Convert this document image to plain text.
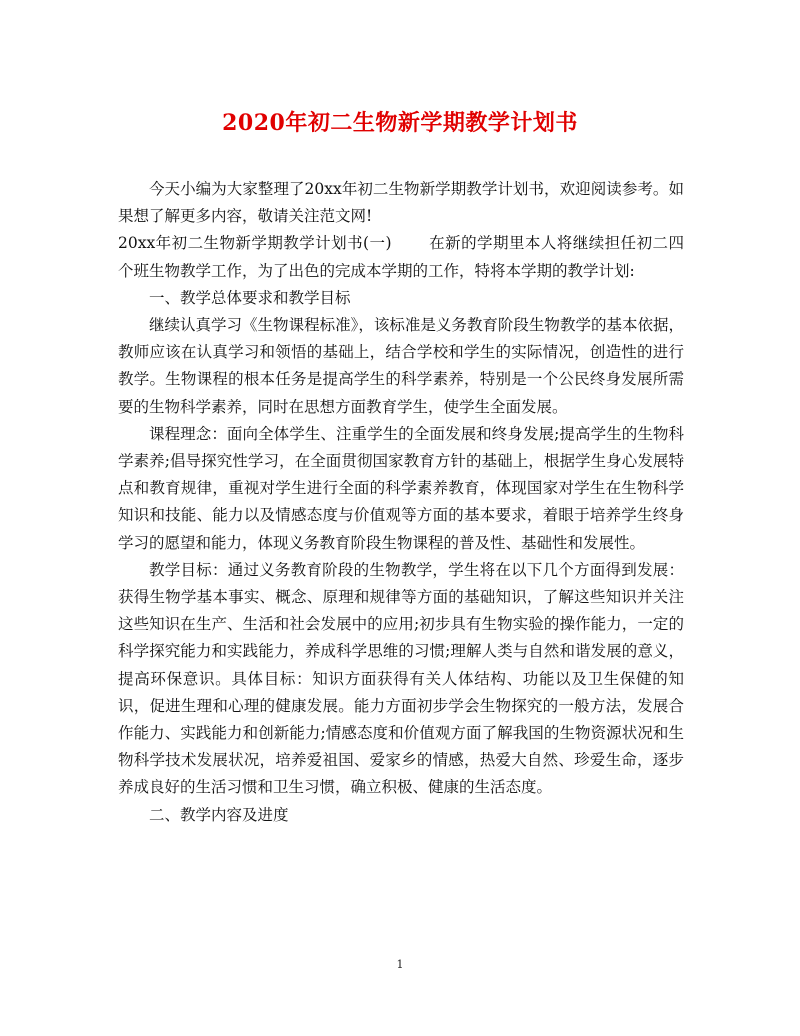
2020年初二生物新学期教学计划书

今天小编为大家整理了20xx年初二生物新学期教学计划书，欢迎阅读参考。如果想了解更多内容，敬请关注范文网!

20xx年初二生物新学期教学计划书(一) 在新的学期里本人将继续担任初二四个班生物教学工作，为了出色的完成本学期的工作，特将本学期的教学计划:

一、教学总体要求和教学目标

继续认真学习《生物课程标准》，该标准是义务教育阶段生物教学的基本依据，教师应该在认真学习和领悟的基础上，结合学校和学生的实际情况，创造性的进行教学。生物课程的根本任务是提高学生的科学素养，特别是一个公民终身发展所需要的生物科学素养，同时在思想方面教育学生，使学生全面发展。

课程理念：面向全体学生、注重学生的全面发展和终身发展;提高学生的生物科学素养;倡导探究性学习，在全面贯彻国家教育方针的基础上，根据学生身心发展特点和教育规律，重视对学生进行全面的科学素养教育，体现国家对学生在生物科学知识和技能、能力以及情感态度与价值观等方面的基本要求，着眼于培养学生终身学习的愿望和能力，体现义务教育阶段生物课程的普及性、基础性和发展性。

教学目标：通过义务教育阶段的生物教学，学生将在以下几个方面得到发展：获得生物学基本事实、概念、原理和规律等方面的基础知识，了解这些知识并关注这些知识在生产、生活和社会发展中的应用;初步具有生物实验的操作能力，一定的科学探究能力和实践能力，养成科学思维的习惯;理解人类与自然和谐发展的意义，提高环保意识。具体目标：知识方面获得有关人体结构、功能以及卫生保健的知识，促进生理和心理的健康发展。能力方面初步学会生物探究的一般方法，发展合作能力、实践能力和创新能力;情感态度和价值观方面了解我国的生物资源状况和生物科学技术发展状况，培养爱祖国、爱家乡的情感，热爱大自然、珍爱生命，逐步养成良好的生活习惯和卫生习惯，确立积极、健康的生活态度。

二、教学内容及进度

1
